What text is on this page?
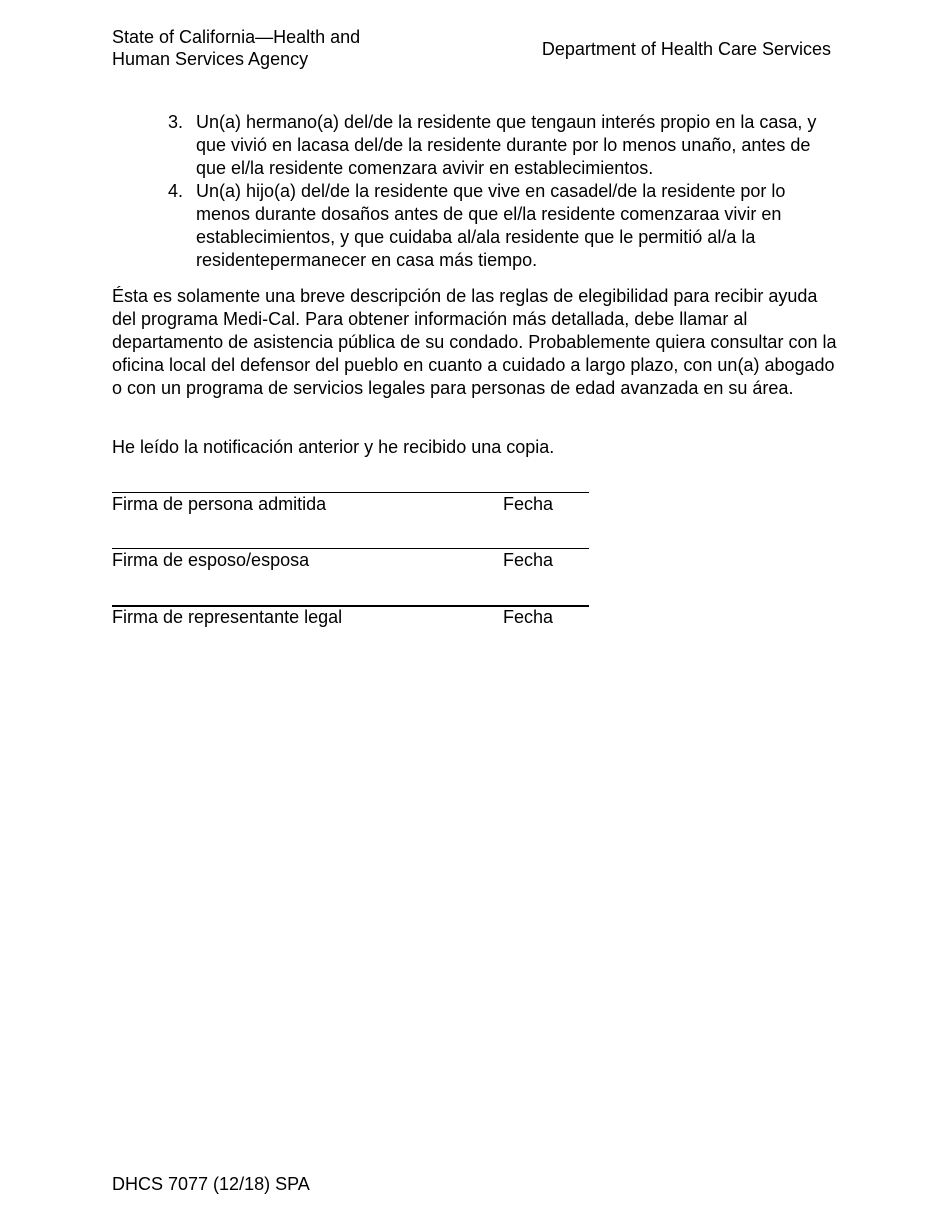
State of California—Health and
Human Services Agency	Department of Health Care Services
3. Un(a) hermano(a) del/de la residente que tengaun interés propio en la casa, y que vivió en lacasa del/de la residente durante por lo menos unaño, antes de que el/la residente comenzara avivir en establecimientos.
4. Un(a) hijo(a) del/de la residente que vive en casadel/de la residente por lo menos durante dosaños antes de que el/la residente comenzaraa vivir en establecimientos, y que cuidaba al/ala residente que le permitió al/a la residentepermanecer en casa más tiempo.

Ésta es solamente una breve descripción de las reglas de elegibilidad para recibir ayuda del programa Medi-Cal. Para obtener información más detallada, debe llamar al departamento de asistencia pública de su condado. Probablemente quiera consultar con la oficina local del defensor del pueblo en cuanto a cuidado a largo plazo, con un(a) abogado o con un programa de servicios legales para personas de edad avanzada en su área.

He leído la notificación anterior y he recibido una copia.

Firma de persona admitida	Fecha
Firma de esposo/esposa	Fecha
Firma de representante legal	Fecha
DHCS 7077 (12/18) SPA
